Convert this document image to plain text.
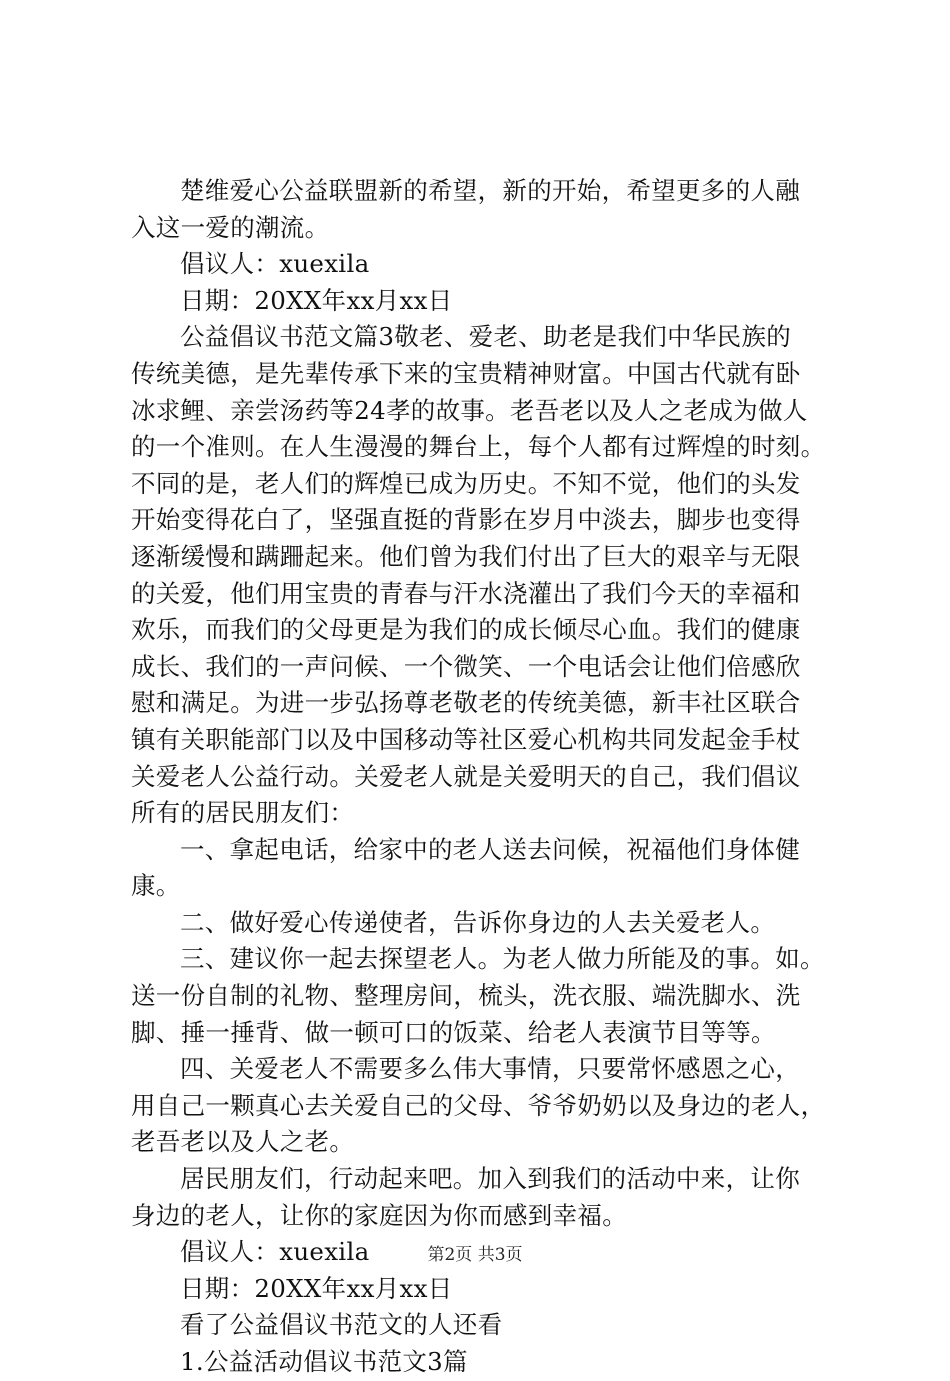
楚维爱心公益联盟新的希望，新的开始，希望更多的人融
入这一爱的潮流。
倡议人：xuexila
日期：20XX年xx月xx日
公益倡议书范文篇3敬老、爱老、助老是我们中华民族的
传统美德，是先辈传承下来的宝贵精神财富。中国古代就有卧
冰求鲤、亲尝汤药等24孝的故事。老吾老以及人之老成为做人
的一个准则。在人生漫漫的舞台上，每个人都有过辉煌的时刻。
不同的是，老人们的辉煌已成为历史。不知不觉，他们的头发
开始变得花白了，坚强直挺的背影在岁月中淡去，脚步也变得
逐渐缓慢和蹒跚起来。他们曾为我们付出了巨大的艰辛与无限
的关爱，他们用宝贵的青春与汗水浇灌出了我们今天的幸福和
欢乐，而我们的父母更是为我们的成长倾尽心血。我们的健康
成长、我们的一声问候、一个微笑、一个电话会让他们倍感欣
慰和满足。为进一步弘扬尊老敬老的传统美德，新丰社区联合
镇有关职能部门以及中国移动等社区爱心机构共同发起金手杖
关爱老人公益行动。关爱老人就是关爱明天的自己，我们倡议
所有的居民朋友们：
一、拿起电话，给家中的老人送去问候，祝福他们身体健
康。
二、做好爱心传递使者，告诉你身边的人去关爱老人。
三、建议你一起去探望老人。为老人做力所能及的事。如。
送一份自制的礼物、整理房间，梳头，洗衣服、端洗脚水、洗
脚、捶一捶背、做一顿可口的饭菜、给老人表演节目等等。
四、关爱老人不需要多么伟大事情，只要常怀感恩之心，
用自己一颗真心去关爱自己的父母、爷爷奶奶以及身边的老人，
老吾老以及人之老。
居民朋友们，行动起来吧。加入到我们的活动中来，让你
身边的老人，让你的家庭因为你而感到幸福。
倡议人：xuexila
日期：20XX年xx月xx日
看了公益倡议书范文的人还看
1.公益活动倡议书范文3篇
第2页 共3页
